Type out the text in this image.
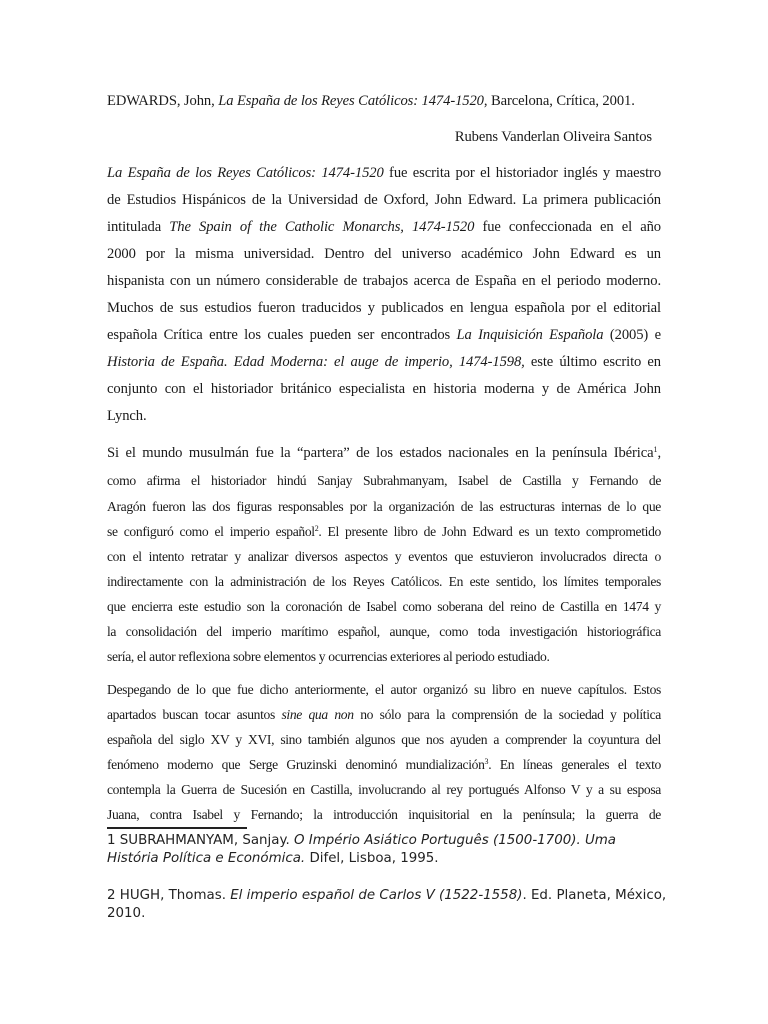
EDWARDS, John, La España de los Reyes Católicos: 1474-1520, Barcelona, Crítica, 2001.
Rubens Vanderlan Oliveira Santos
La España de los Reyes Católicos: 1474-1520 fue escrita por el historiador inglés y maestro
de Estudios Hispánicos de la Universidad de Oxford, John Edward. La primera publicación
intitulada The Spain of the Catholic Monarchs, 1474-1520 fue confeccionada en el año
2000 por la misma universidad. Dentro del universo académico John Edward es un
hispanista con un número considerable de trabajos acerca de España en el periodo moderno.
Muchos de sus estudios fueron traducidos y publicados en lengua española por el editorial
española Crítica entre los cuales pueden ser encontrados La Inquisición Española (2005) e
Historia de España. Edad Moderna: el auge de imperio, 1474-1598, este último escrito en
conjunto con el historiador británico especialista en historia moderna y de América John
Lynch.
Si el mundo musulmán fue la “partera” de los estados nacionales en la península Ibérica$^1$,
como afirma el historiador hindú Sanjay Subrahmanyam, Isabel de Castilla y Fernando de
Aragón fueron las dos figuras responsables por la organización de las estructuras internas de lo que
se configuró como el imperio español$^2$. El presente libro de John Edward es un texto comprometido
con el intento retratar y analizar diversos aspectos y eventos que estuvieron involucrados directa o
indirectamente con la administración de los Reyes Católicos. En este sentido, los límites temporales
que encierra este estudio son la coronación de Isabel como soberana del reino de Castilla en 1474 y
la consolidación del imperio marítimo español, aunque, como toda investigación historiográfica
sería, el autor reflexiona sobre elementos y ocurrencias exteriores al periodo estudiado.
Despegando de lo que fue dicho anteriormente, el autor organizó su libro en nueve capítulos. Estos
apartados buscan tocar asuntos sine qua non no sólo para la comprensión de la sociedad y política
española del siglo XV y XVI, sino también algunos que nos ayuden a comprender la coyuntura del
fenómeno moderno que Serge Gruzinski denominó mundialización$^3$. En líneas generales el texto
contempla la Guerra de Sucesión en Castilla, involucrando al rey portugués Alfonso V y a su esposa
Juana, contra Isabel y Fernando; la introducción inquisitorial en la península; la guerra de
1 SUBRAHMANYAM, Sanjay. O Império Asiático Português (1500-1700). Uma História Política e Económica. Difel, Lisboa, 1995.
2 HUGH, Thomas. El imperio español de Carlos V (1522-1558). Ed. Planeta, México, 2010.
